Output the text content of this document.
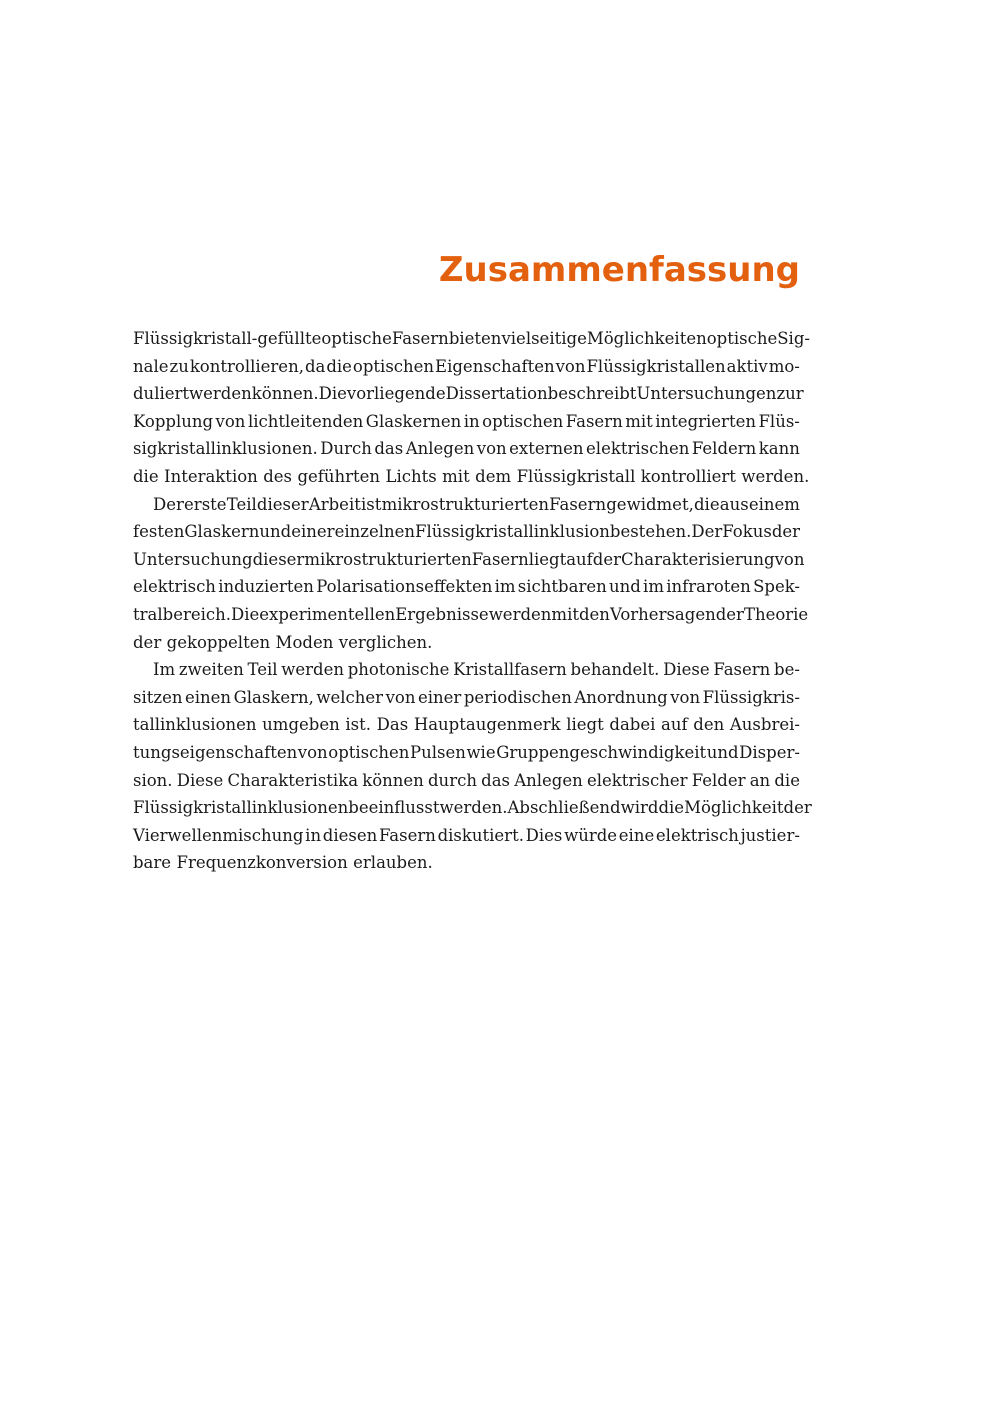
Zusammenfassung
Flüssigkristall-gefüllte optische Fasern bieten vielseitige Möglichkeiten optische Sig-
nale zu kontrollieren, da die optischen Eigenschaften von Flüssigkristallen aktiv mo-
duliert werden können. Die vorliegende Dissertation beschreibt Untersuchungen zur
Kopplung von lichtleitenden Glaskernen in optischen Fasern mit integrierten Flüs-
sigkristallinklusionen. Durch das Anlegen von externen elektrischen Feldern kann
die Interaktion des geführten Lichts mit dem Flüssigkristall kontrolliert werden.
Der erste Teil dieser Arbeit ist mikrostrukturierten Fasern gewidmet, die aus einem
festen Glaskern und einer einzelnen Flüssigkristallinklusion bestehen. Der Fokus der
Untersuchung dieser mikrostrukturierten Fasern liegt auf der Charakterisierung von
elektrisch induzierten Polarisationseffekten im sichtbaren und im infraroten Spek-
tralbereich. Die experimentellen Ergebnisse werden mit den Vorhersagen der Theorie
der gekoppelten Moden verglichen.
Im zweiten Teil werden photonische Kristallfasern behandelt. Diese Fasern be-
sitzen einen Glaskern, welcher von einer periodischen Anordnung von Flüssigkris-
tallinklusionen umgeben ist. Das Hauptaugenmerk liegt dabei auf den Ausbrei-
tungseigenschaften von optischen Pulsen wie Gruppengeschwindigkeit und Disper-
sion. Diese Charakteristika können durch das Anlegen elektrischer Felder an die
Flüssigkristallinklusionen beeinflusst werden. Abschließend wird die Möglichkeit der
Vierwellenmischung in diesen Fasern diskutiert. Dies würde eine elektrisch justier-
bare Frequenzkonversion erlauben.
